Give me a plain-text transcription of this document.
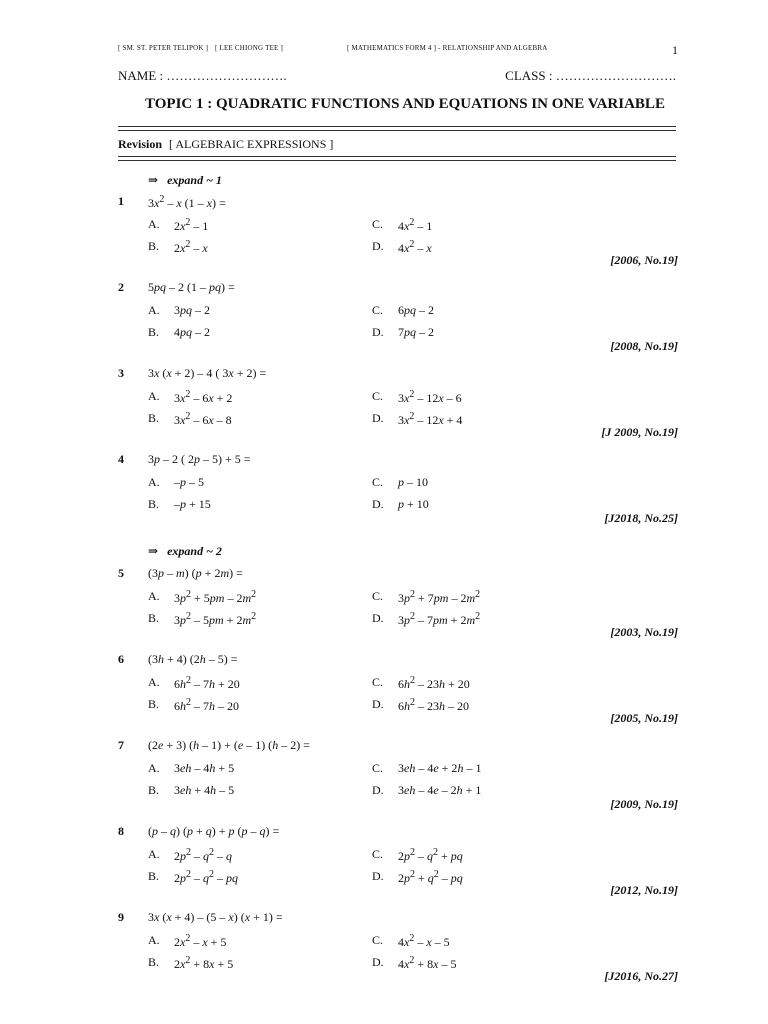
[ SM. ST. PETER TELIPOK ] [ LEE CHIONG TEE ]	[ MATHEMATICS FORM 4 ] - RELATIONSHIP AND ALGEBRA	1
NAME : ……………………….	CLASS : ……………………….
TOPIC 1 : QUADRATIC FUNCTIONS AND EQUATIONS IN ONE VARIABLE
Revision [ ALGEBRAIC EXPRESSIONS ]
⇒ expand ~ 1
⇒ expand ~ 2
1 $3x^2$ – x (1 – x) =
A. $2x^2 - 1$	C. $4x^2 - 1$
B. $2x^2$ – x	D. $4x^2$ – x
[2006, No.19]
2 5pq – 2 (1 – pq) =
A. 3pq – 2	C. 6pq – 2
B. 4pq – 2	D. 7pq – 2
[2008, No.19]
3 3x (x + 2) – 4 ( 3x + 2) =
A. $3x^2 - 6x + 2$	C. $3x^2 - 12x - 6$
B. $3x^2 - 6x - 8$	D. $3x^2 - 12x + 4$
[J 2009, No.19]
4 3p – 2 ( 2p – 5) + 5 =
A. –p – 5	C. p – 10
B. –p + 15	D. p + 10
[J2018, No.25]
5 (3p – m) (p + 2m) =
A. $3p^2 + 5pm - 2m^2$	C. $3p^2 + 7pm - 2m^2$
B. $3p^2 - 5pm + 2m^2$	D. $3p^2 - 7pm + 2m^2$
[2003, No.19]
6 (3h + 4) (2h – 5) =
A. $6h^2 - 7h + 20$	C. $6h^2 - 23h + 20$
B. $6h^2 - 7h - 20$	D. $6h^2 - 23h - 20$
[2005, No.19]
7 (2e + 3) (h – 1) + (e – 1) (h – 2) =
A. 3eh – 4h + 5	C. 3eh – 4e + 2h – 1
B. 3eh + 4h – 5	D. 3eh – 4e – 2h + 1
[2009, No.19]
8 (p – q) (p + q) + p (p – q) =
A. $2p^2 - q^2$ – q	C. $2p^2 - q^2$ + pq
B. $2p^2 - q^2$ – pq	D. $2p^2 + q^2$ – pq
[2012, No.19]
9 3x (x + 4) – (5 – x) (x + 1) =
A. $2x^2 - x + 5$	C. $4x^2$ – x – 5
B. $2x^2 + 8x + 5$	D. $4x^2 + 8x - 5$
[J2016, No.27]
